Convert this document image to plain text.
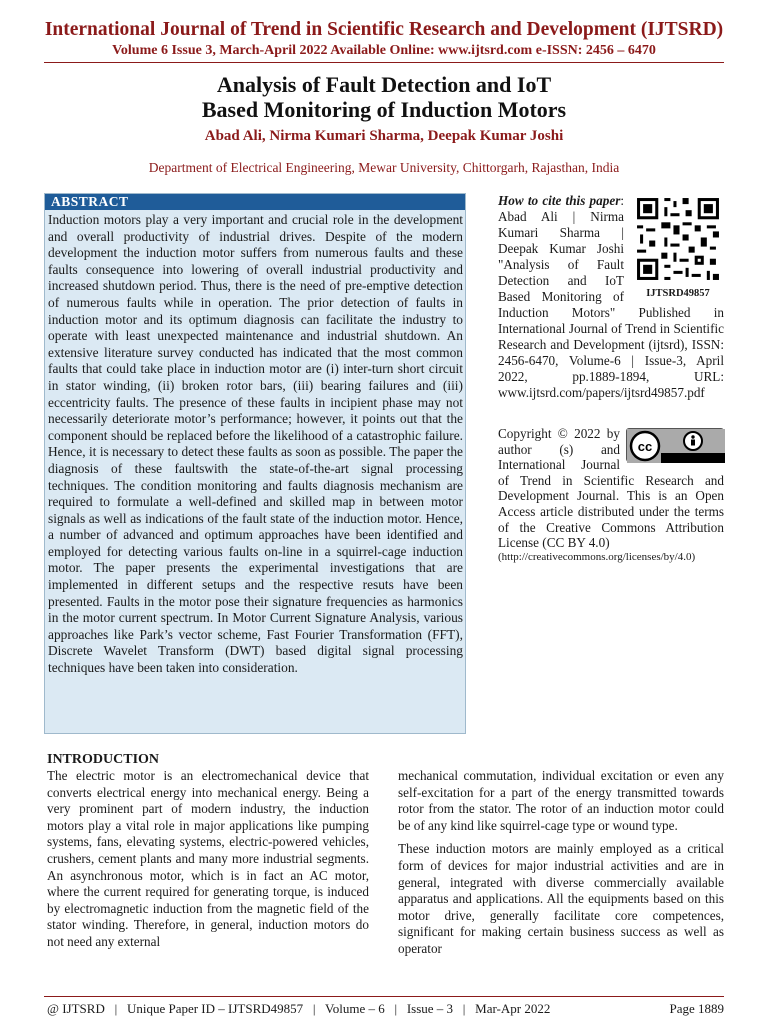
International Journal of Trend in Scientific Research and Development (IJTSRD)
Volume 6 Issue 3, March-April 2022 Available Online: www.ijtsrd.com e-ISSN: 2456 – 6470
Analysis of Fault Detection and IoT
Based Monitoring of Induction Motors
Abad Ali, Nirma Kumari Sharma, Deepak Kumar Joshi
Department of Electrical Engineering, Mewar University, Chittorgarh, Rajasthan, India
ABSTRACT
Induction motors play a very important and crucial role in the development and overall productivity of industrial drives. Despite of the modern development the induction motor suffers from numerous faults and these faults consequence into lowering of overall industrial productivity and increased shutdown period. Thus, there is the need of pre-emptive detection of numerous faults while in operation. The prior detection of faults in induction motor and its optimum diagnosis can facilitate the industry to operate with least unexpected maintenance and industrial shutdown. An extensive literature survey conducted has indicated that the most common faults that could take place in induction motor are (i) inter-turn short circuit in stator winding, (ii) broken rotor bars, (iii) bearing failures and (iii) eccentricity faults. The presence of these faults in incipient phase may not necessarily deteriorate motor’s performance; however, it points out that the component should be replaced before the likelihood of a catastrophic failure. Hence, it is necessary to detect these faults as soon as possible. The paper the diagnosis of these faultswith the state-of-the-art signal processing techniques. The condition monitoring and faults diagnosis mechanism are required to formulate a well-defined and skilled map in between motor signals as well as indications of the fault state of the induction motor. Hence, a number of advanced and optimum approaches have been identified and employed for detecting various faults on-line in a squirrel-cage induction motor. The paper presents the experimental investigations that are implemented in different setups and the respective resuts have been presented. Faults in the motor pose their signature frequencies as harmonics in the motor current spectrum. In Motor Current Signature Analysis, various approaches like Park’s vector scheme, Fast Fourier Transformation (FFT), Discrete Wavelet Transform (DWT) based digital signal processing techniques have been taken into consideration.
IJTSRD49857
How to cite this paper: Abad Ali | Nirma Kumari Sharma | Deepak Kumar Joshi "Analysis of Fault Detection and IoT Based Monitoring of Induction Motors" Published in International Journal of Trend in Scientific Research and Development (ijtsrd), ISSN: 2456-6470, Volume-6 | Issue-3, April 2022, pp.1889-1894, URL: www.ijtsrd.com/papers/ijtsrd49857.pdf
cc
Copyright © 2022 by author (s) and International Journal of Trend in Scientific Research and Development Journal. This is an Open Access article distributed under the terms of the Creative Commons Attribution License (CC BY 4.0)
(http://creativecommons.org/licenses/by/4.0)
INTRODUCTION

The electric motor is an electromechanical device that converts electrical energy into mechanical energy. Being a very prominent part of modern industry, the induction motors play a vital role in major applications like pumping systems, fans, elevating systems, electric-powered vehicles, crushers, cement plants and many more industrial segments. An asynchronous motor, which is in fact an AC motor, where the current required for generating torque, is induced by electromagnetic induction from the magnetic field of the stator winding. Therefore, in general, induction motors do not need any external

mechanical commutation, individual excitation or even any self-excitation for a part of the energy transmitted towards rotor from the stator. The rotor of an induction motor could be of any kind like squirrel-cage type or wound type.

These induction motors are mainly employed as a critical form of devices for major industrial activities and are in general, integrated with diverse commercially available apparatus and applications. All the equipments based on this motor drive, generally facilitate core competences, significant for making certain business success as well as operator

@ IJTSRD   |   Unique Paper ID – IJTSRD49857   |   Volume – 6   |   Issue – 3   |   Mar-Apr 2022	Page 1889
